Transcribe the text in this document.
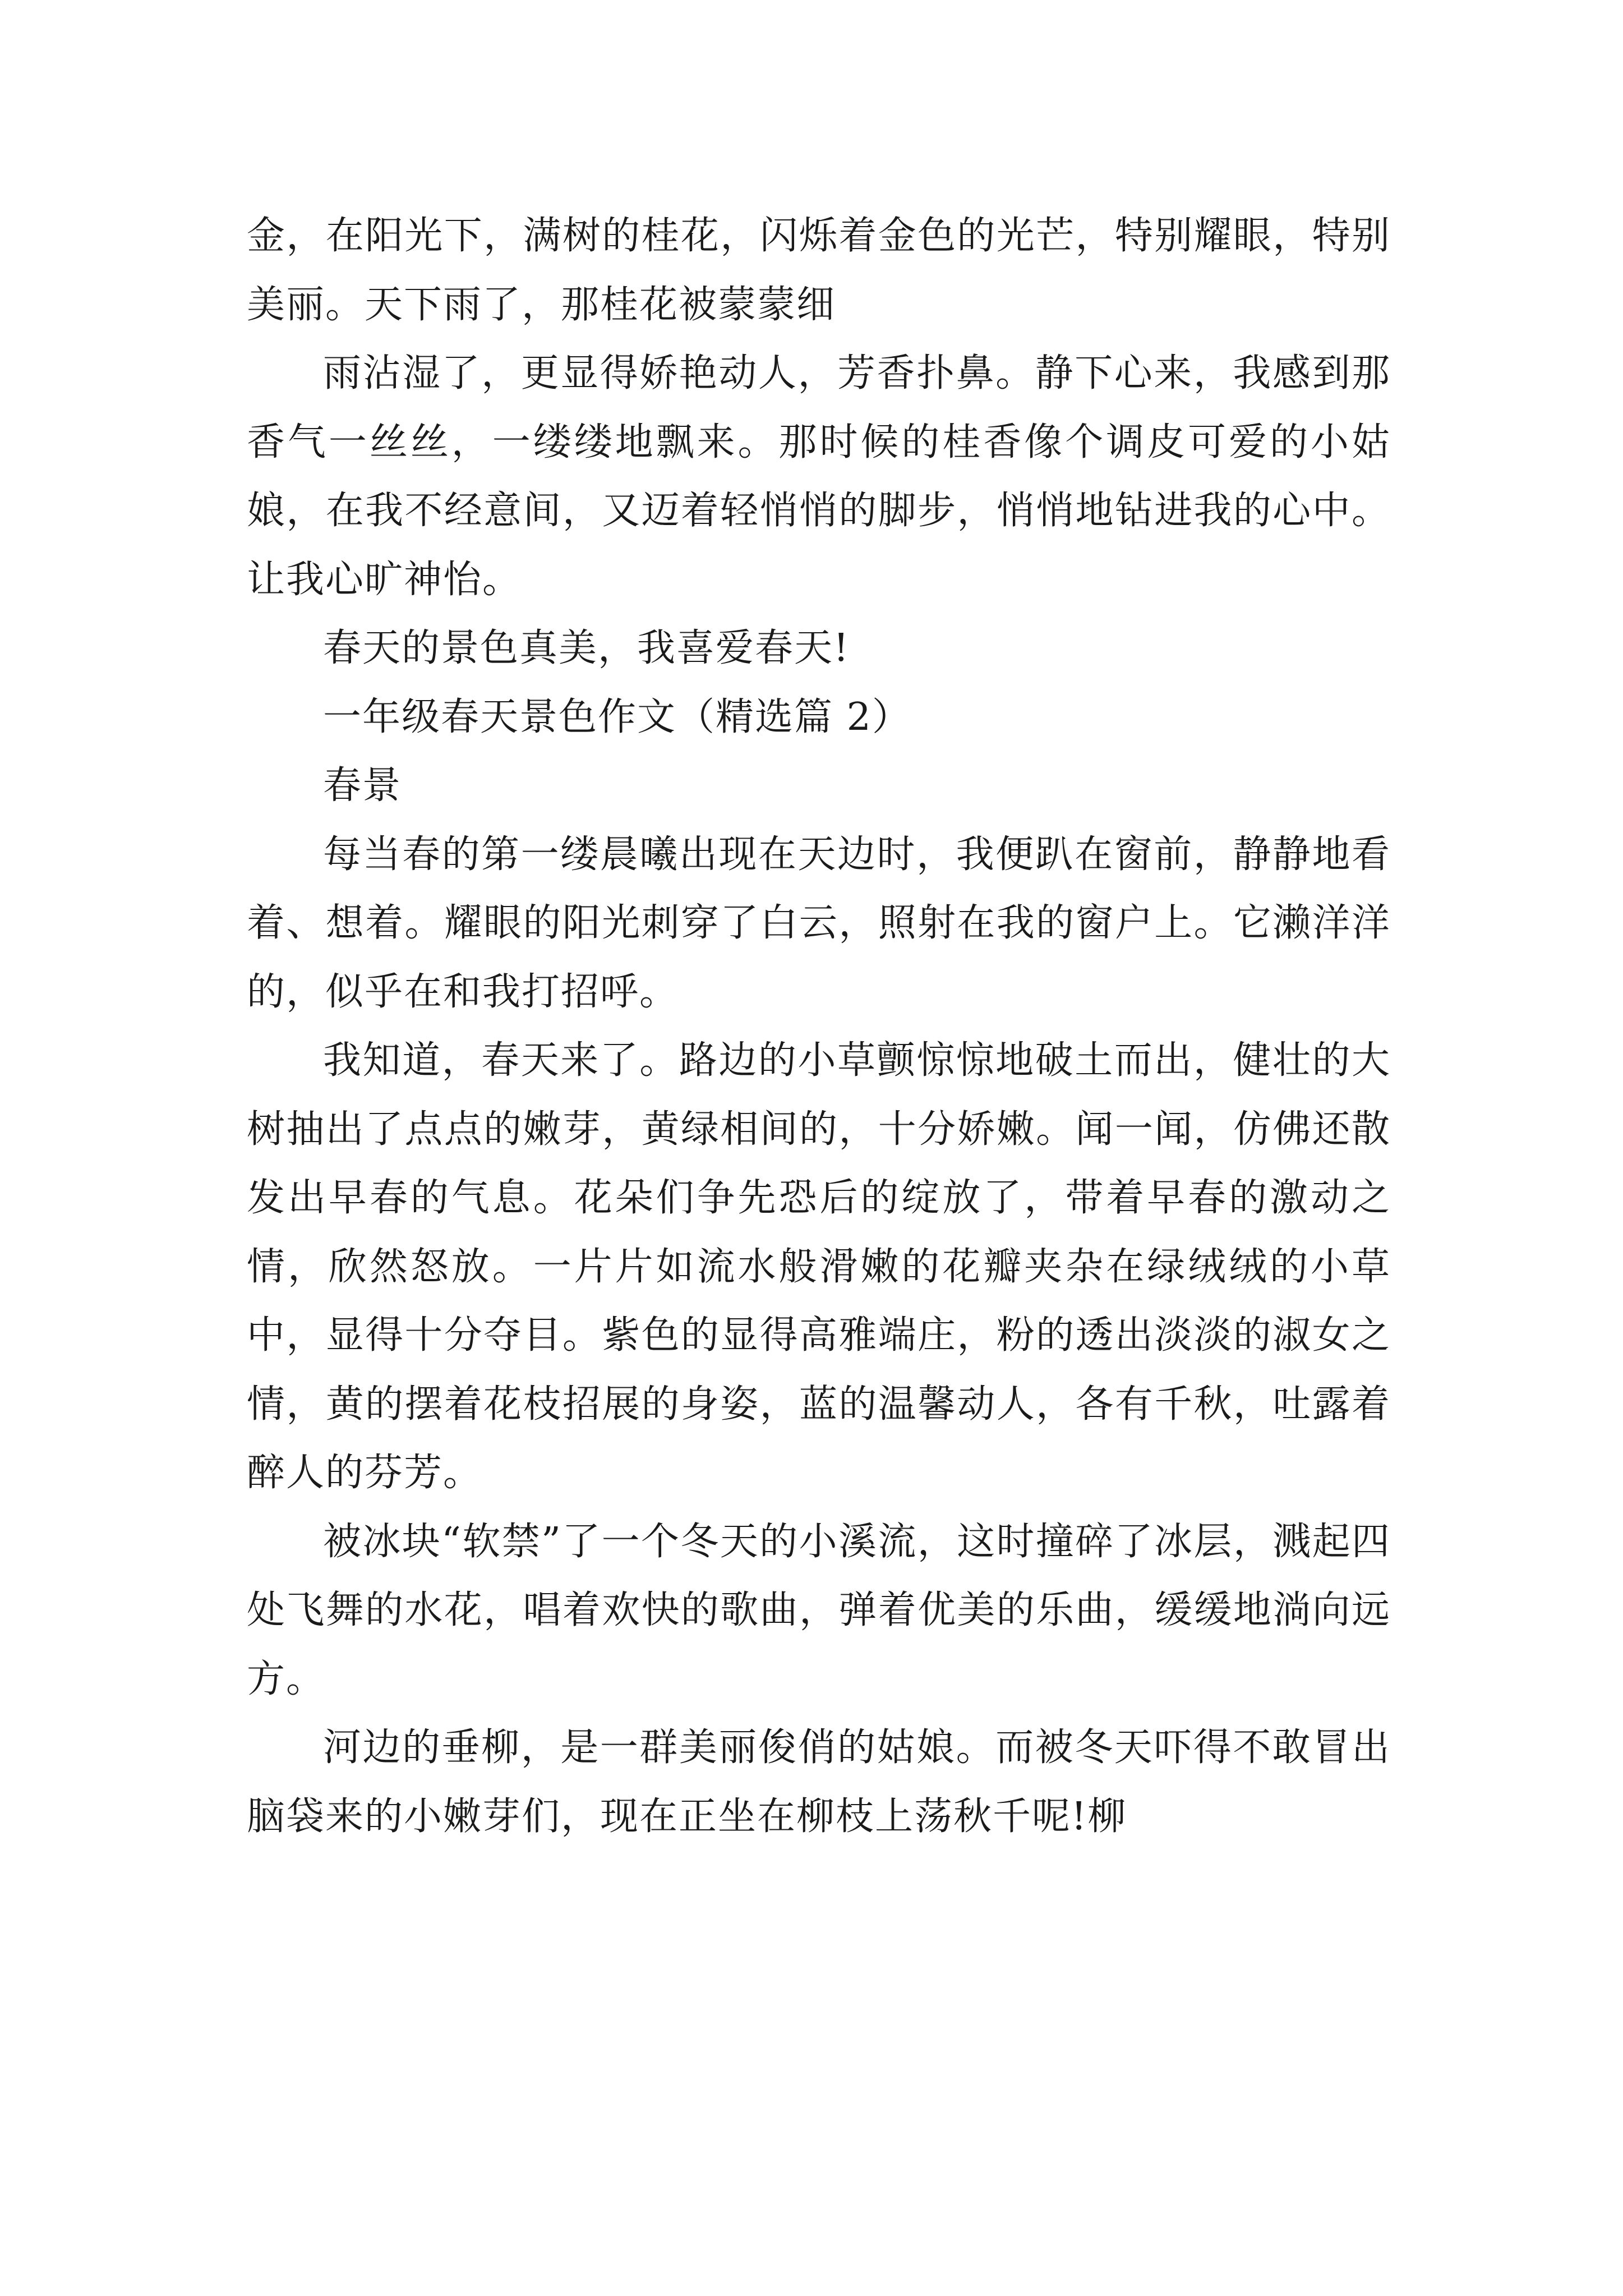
金，在阳光下，满树的桂花，闪烁着金色的光芒，特别耀眼，特别美丽。天下雨了，那桂花被蒙蒙细

雨沾湿了，更显得娇艳动人，芳香扑鼻。静下心来，我感到那香气一丝丝，一缕缕地飘来。那时候的桂香像个调皮可爱的小姑娘，在我不经意间，又迈着轻悄悄的脚步，悄悄地钻进我的心中。让我心旷神怡。

春天的景色真美，我喜爱春天!

一年级春天景色作文（精选篇 2）

春景

每当春的第一缕晨曦出现在天边时，我便趴在窗前，静静地看着、想着。耀眼的阳光刺穿了白云，照射在我的窗户上。它濑洋洋的，似乎在和我打招呼。

我知道，春天来了。路边的小草颤惊惊地破土而出，健壮的大树抽出了点点的嫩芽，黄绿相间的，十分娇嫩。闻一闻，仿佛还散发出早春的气息。花朵们争先恐后的绽放了，带着早春的激动之情，欣然怒放。一片片如流水般滑嫩的花瓣夹杂在绿绒绒的小草中，显得十分夺目。紫色的显得高雅端庄，粉的透出淡淡的淑女之情，黄的摆着花枝招展的身姿，蓝的温馨动人，各有千秋，吐露着醉人的芬芳。

被冰块“软禁”了一个冬天的小溪流，这时撞碎了冰层，溅起四处飞舞的水花，唱着欢快的歌曲，弹着优美的乐曲，缓缓地淌向远方。

河边的垂柳，是一群美丽俊俏的姑娘。而被冬天吓得不敢冒出脑袋来的小嫩芽们，现在正坐在柳枝上荡秋千呢!柳
